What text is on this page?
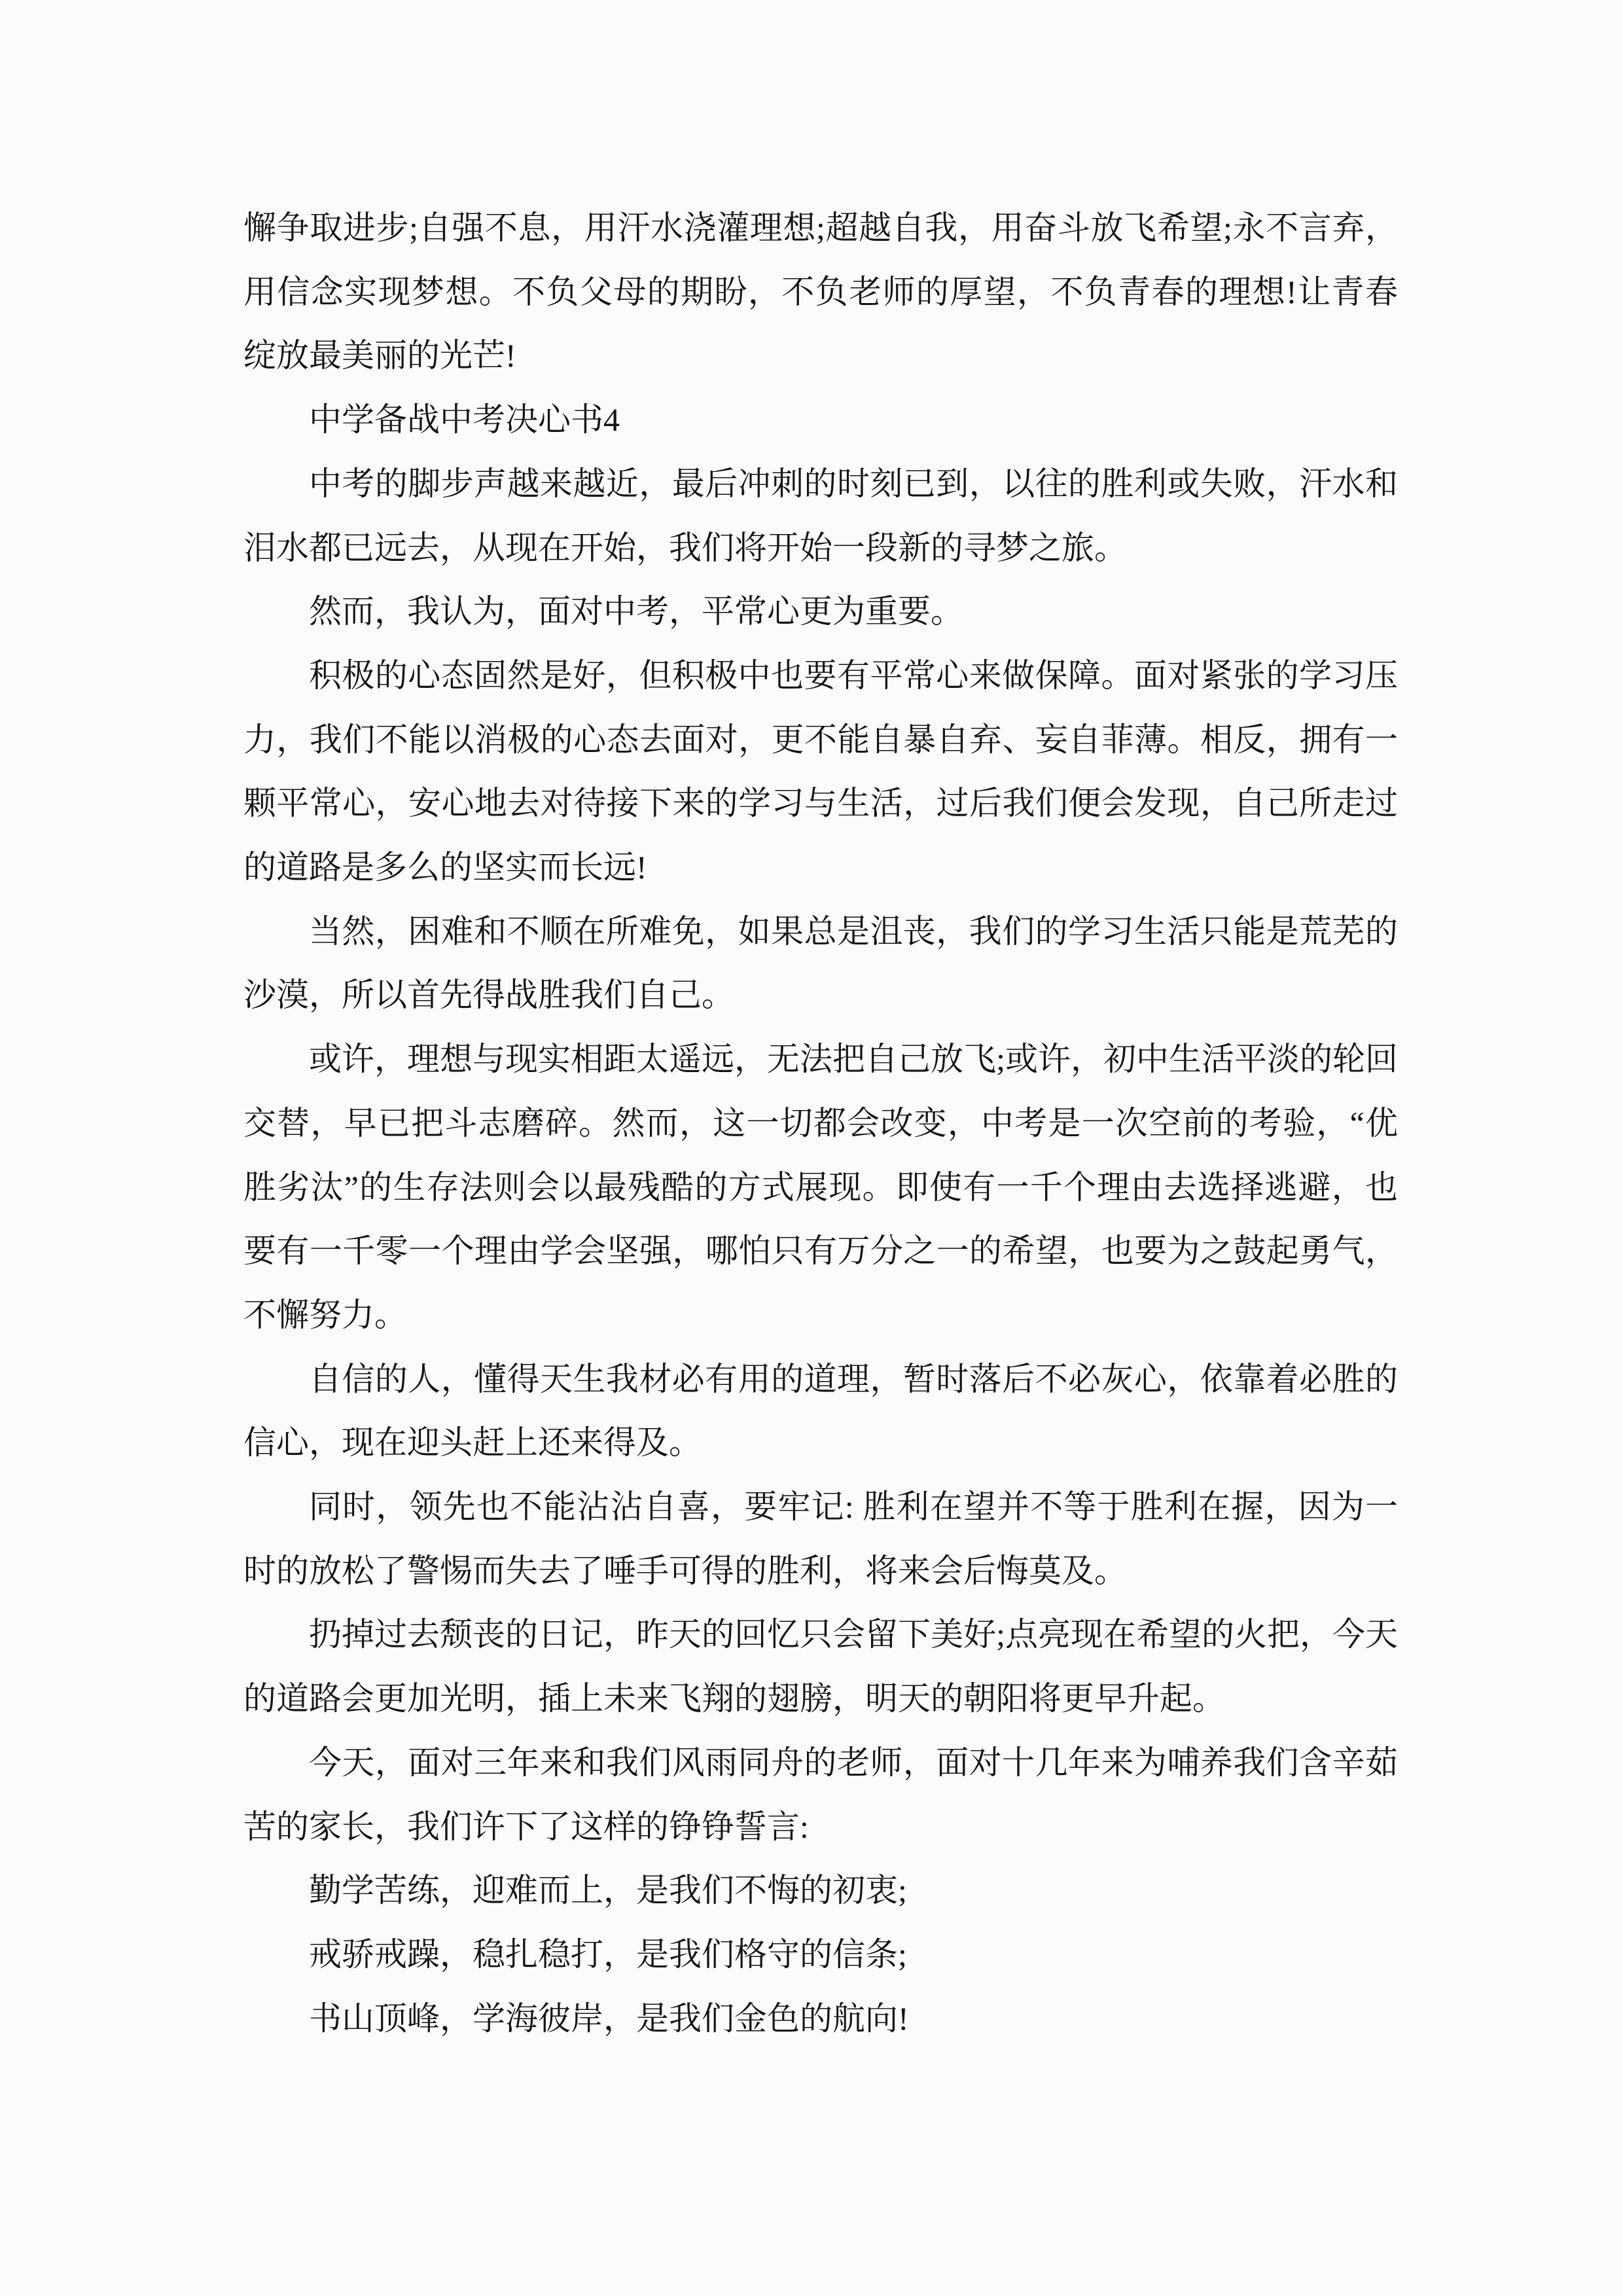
懈争取进步;自强不息，用汗水浇灌理想;超越自我，用奋斗放飞希望;永不言弃，用信念实现梦想。不负父母的期盼，不负老师的厚望，不负青春的理想!让青春绽放最美丽的光芒!

中学备战中考决心书4

中考的脚步声越来越近，最后冲刺的时刻已到，以往的胜利或失败，汗水和泪水都已远去，从现在开始，我们将开始一段新的寻梦之旅。

然而，我认为，面对中考，平常心更为重要。

积极的心态固然是好，但积极中也要有平常心来做保障。面对紧张的学习压力，我们不能以消极的心态去面对，更不能自暴自弃、妄自菲薄。相反，拥有一颗平常心，安心地去对待接下来的学习与生活，过后我们便会发现，自己所走过的道路是多么的坚实而长远!

当然，困难和不顺在所难免，如果总是沮丧，我们的学习生活只能是荒芜的沙漠，所以首先得战胜我们自己。

或许，理想与现实相距太遥远，无法把自己放飞;或许，初中生活平淡的轮回交替，早已把斗志磨碎。然而，这一切都会改变，中考是一次空前的考验，“优胜劣汰”的生存法则会以最残酷的方式展现。即使有一千个理由去选择逃避，也要有一千零一个理由学会坚强，哪怕只有万分之一的希望，也要为之鼓起勇气，不懈努力。

自信的人，懂得天生我材必有用的道理，暂时落后不必灰心，依靠着必胜的信心，现在迎头赶上还来得及。

同时，领先也不能沾沾自喜，要牢记: 胜利在望并不等于胜利在握，因为一时的放松了警惕而失去了唾手可得的胜利，将来会后悔莫及。

扔掉过去颓丧的日记，昨天的回忆只会留下美好;点亮现在希望的火把，今天的道路会更加光明，插上未来飞翔的翅膀，明天的朝阳将更早升起。

今天，面对三年来和我们风雨同舟的老师，面对十几年来为哺养我们含辛茹苦的家长，我们许下了这样的铮铮誓言:

勤学苦练，迎难而上，是我们不悔的初衷;

戒骄戒躁，稳扎稳打，是我们格守的信条;

书山顶峰，学海彼岸，是我们金色的航向!
